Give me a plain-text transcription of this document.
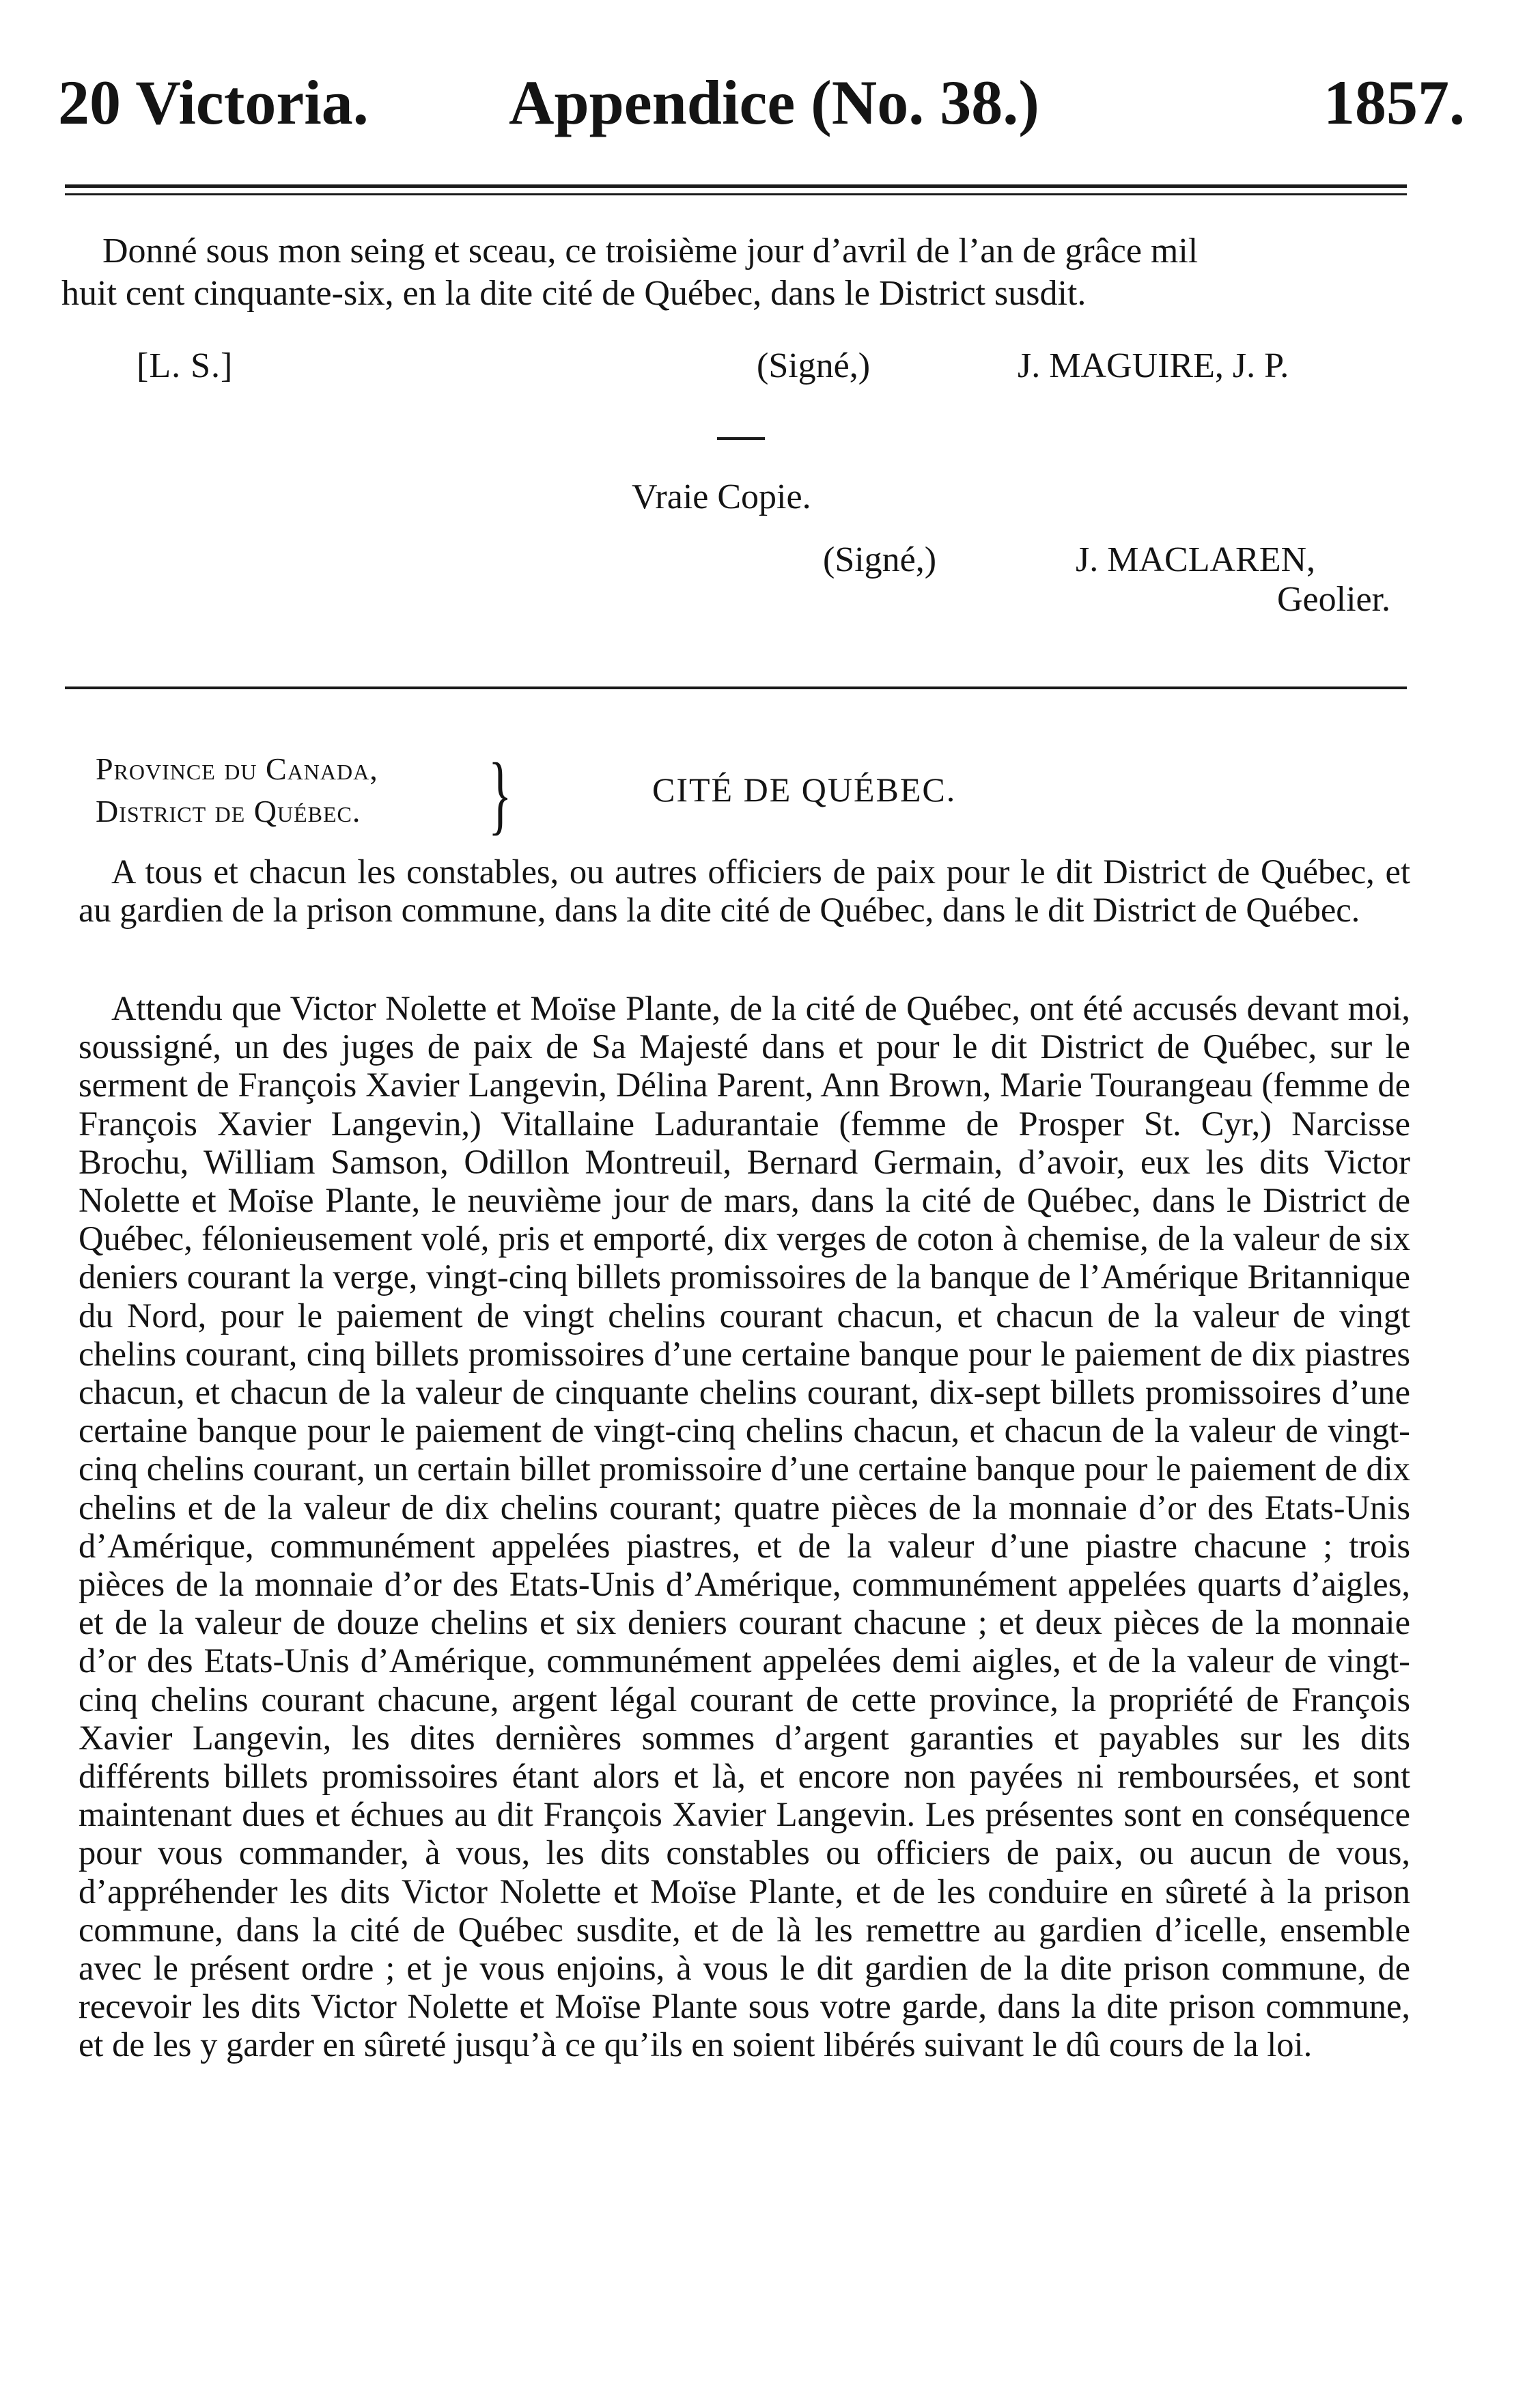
20 Victoria. Appendice (No. 38.)	1857.
Donné sous mon seing et sceau, ce troisième jour d’avril de l’an de grâce mil
huit cent cinquante-six, en la dite cité de Québec, dans le District susdit.
[L. S.]	(Signé,)	J. MAGUIRE, J. P.
Vraie Copie.
(Signé,)	J. MACLAREN,
Geolier.
Province du Canada,
District de Québec. }	CITÉ DE QUÉBEC.

A tous et chacun les constables, ou autres officiers de paix pour le dit District de Québec, et au gardien de la prison commune, dans la dite cité de Québec, dans le dit District de Québec.

Attendu que Victor Nolette et Moïse Plante, de la cité de Québec, ont été accusés devant moi, soussigné, un des juges de paix de Sa Majesté dans et pour le dit District de Québec, sur le serment de François Xavier Langevin, Délina Parent, Ann Brown, Marie Tourangeau (femme de François Xavier Langevin,) Vitallaine Ladurantaie (femme de Prosper St. Cyr,) Narcisse Brochu, William Samson, Odillon Montreuil, Bernard Germain, d’avoir, eux les dits Victor Nolette et Moïse Plante, le neuvième jour de mars, dans la cité de Québec, dans le District de Québec, félonieusement volé, pris et emporté, dix verges de coton à chemise, de la valeur de six deniers courant la verge, vingt-cinq billets promissoires de la banque de l’Amérique Britannique du Nord, pour le paiement de vingt chelins courant chacun, et chacun de la valeur de vingt chelins courant, cinq billets promissoires d’une certaine banque pour le paiement de dix piastres chacun, et chacun de la valeur de cinquante chelins courant, dix-sept billets promissoires d’une certaine banque pour le paiement de vingt-cinq chelins chacun, et chacun de la valeur de vingt-cinq chelins courant, un certain billet promissoire d’une certaine banque pour le paiement de dix chelins et de la valeur de dix chelins courant; quatre pièces de la monnaie d’or des Etats-Unis d’Amérique, communément appelées piastres, et de la valeur d’une piastre chacune ; trois pièces de la monnaie d’or des Etats-Unis d’Amérique, communément appelées quarts d’aigles, et de la valeur de douze chelins et six deniers courant chacune ; et deux pièces de la monnaie d’or des Etats-Unis d’Amérique, communément appelées demi aigles, et de la valeur de vingt-cinq chelins courant chacune, argent légal courant de cette province, la propriété de François Xavier Langevin, les dites dernières sommes d’argent garanties et payables sur les dits différents billets promissoires étant alors et là, et encore non payées ni remboursées, et sont maintenant dues et échues au dit François Xavier Langevin. Les présentes sont en conséquence pour vous commander, à vous, les dits constables ou officiers de paix, ou aucun de vous, d’appréhender les dits Victor Nolette et Moïse Plante, et de les conduire en sûreté à la prison commune, dans la cité de Québec susdite, et de là les remettre au gardien d’icelle, ensemble avec le présent ordre ; et je vous enjoins, à vous le dit gardien de la dite prison commune, de recevoir les dits Victor Nolette et Moïse Plante sous votre garde, dans la dite prison commune, et de les y garder en sûreté jusqu’à ce qu’ils en soient libérés suivant le dû cours de la loi.
